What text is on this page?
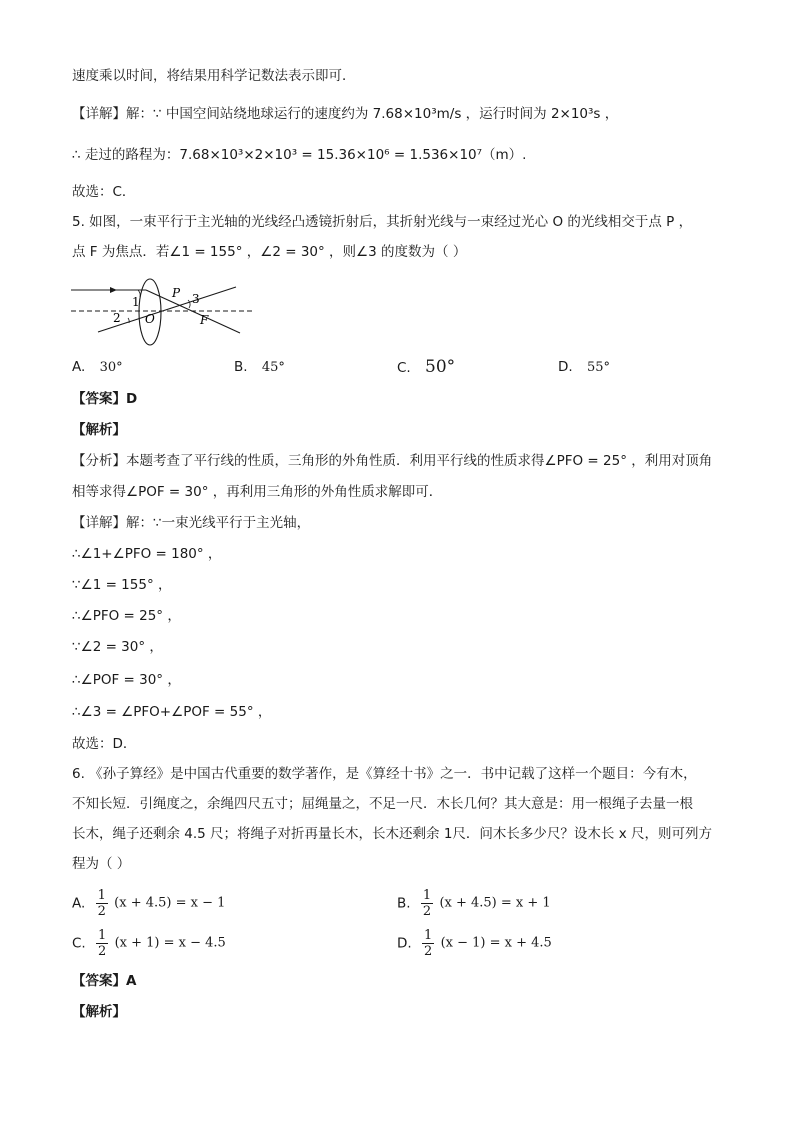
速度乘以时间，将结果用科学记数法表示即可．
【详解】解：∵ 中国空间站绕地球运行的速度约为 7.68×10³m/s ，运行时间为 2×10³s ，
∴ 走过的路程为：7.68×10³×2×10³ = 15.36×10⁶ = 1.536×10⁷（m）.
故选：C．
5. 如图，一束平行于主光轴的光线经凸透镜折射后，其折射光线与一束经过光心 O 的光线相交于点 P ，
点 F 为焦点．若∠1 = 155° ，∠2 = 30° ，则∠3 的度数为（ ）
1
2
3
O
P
F
A. 30°	B. 45°	C. 50°	D. 55°
【答案】D
【解析】
【分析】本题考查了平行线的性质，三角形的外角性质．利用平行线的性质求得∠PFO = 25° ，利用对顶角
相等求得∠POF = 30° ，再利用三角形的外角性质求解即可．
【详解】解：∵一束光线平行于主光轴，
∴∠1+∠PFO = 180° ，
∵∠1 = 155° ，
∴∠PFO = 25° ，
∵∠2 = 30° ，
∴∠POF = 30° ，
∴∠3 = ∠PFO+∠POF = 55° ，
故选：D．
6. 《孙子算经》是中国古代重要的数学著作，是《算经十书》之一．书中记载了这样一个题目：今有木，
不知长短．引绳度之，余绳四尺五寸；屈绳量之，不足一尺．木长几何？其大意是：用一根绳子去量一根
长木，绳子还剩余 4.5 尺；将绳子对折再量长木，长木还剩余 1尺．问木长多少尺？设木长 x 尺，则可列方
程为（ ）
A. $\frac{1}{2} (x + 4.5) = x - 1$	B. $\frac{1}{2} (x + 4.5) = x + 1$
C. $\frac{1}{2} (x + 1) = x - 4.5$	D. $\frac{1}{2} (x - 1) = x + 4.5$
【答案】A
【解析】
